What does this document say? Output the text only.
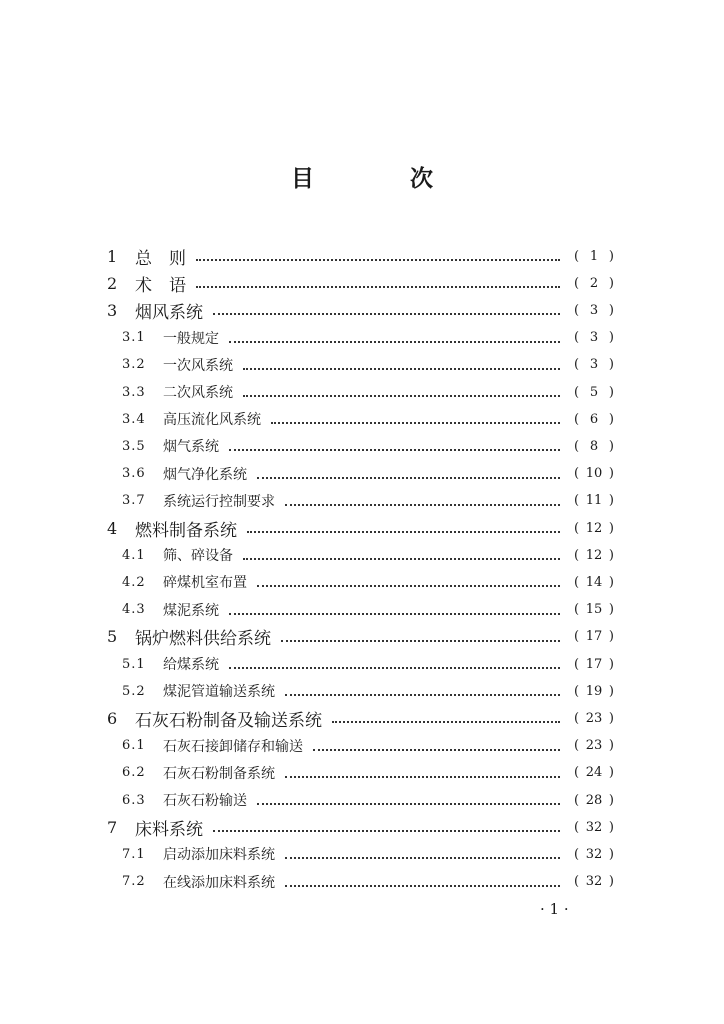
目 次
1 总　则	( 1 )
2 术　语	( 2 )
3 烟风系统	( 3 )
3.1 一般规定	( 3 )
3.2 一次风系统	( 3 )
3.3 二次风系统	( 5 )
3.4 高压流化风系统	( 6 )
3.5 烟气系统	( 8 )
3.6 烟气净化系统	( 10 )
3.7 系统运行控制要求	( 11 )
4 燃料制备系统	( 12 )
4.1 筛、碎设备	( 12 )
4.2 碎煤机室布置	( 14 )
4.3 煤泥系统	( 15 )
5 锅炉燃料供给系统	( 17 )
5.1 给煤系统	( 17 )
5.2 煤泥管道输送系统	( 19 )
6 石灰石粉制备及输送系统	( 23 )
6.1 石灰石接卸储存和输送	( 23 )
6.2 石灰石粉制备系统	( 24 )
6.3 石灰石粉输送	( 28 )
7 床料系统	( 32 )
7.1 启动添加床料系统	( 32 )
7.2 在线添加床料系统	( 32 )
· 1 ·
